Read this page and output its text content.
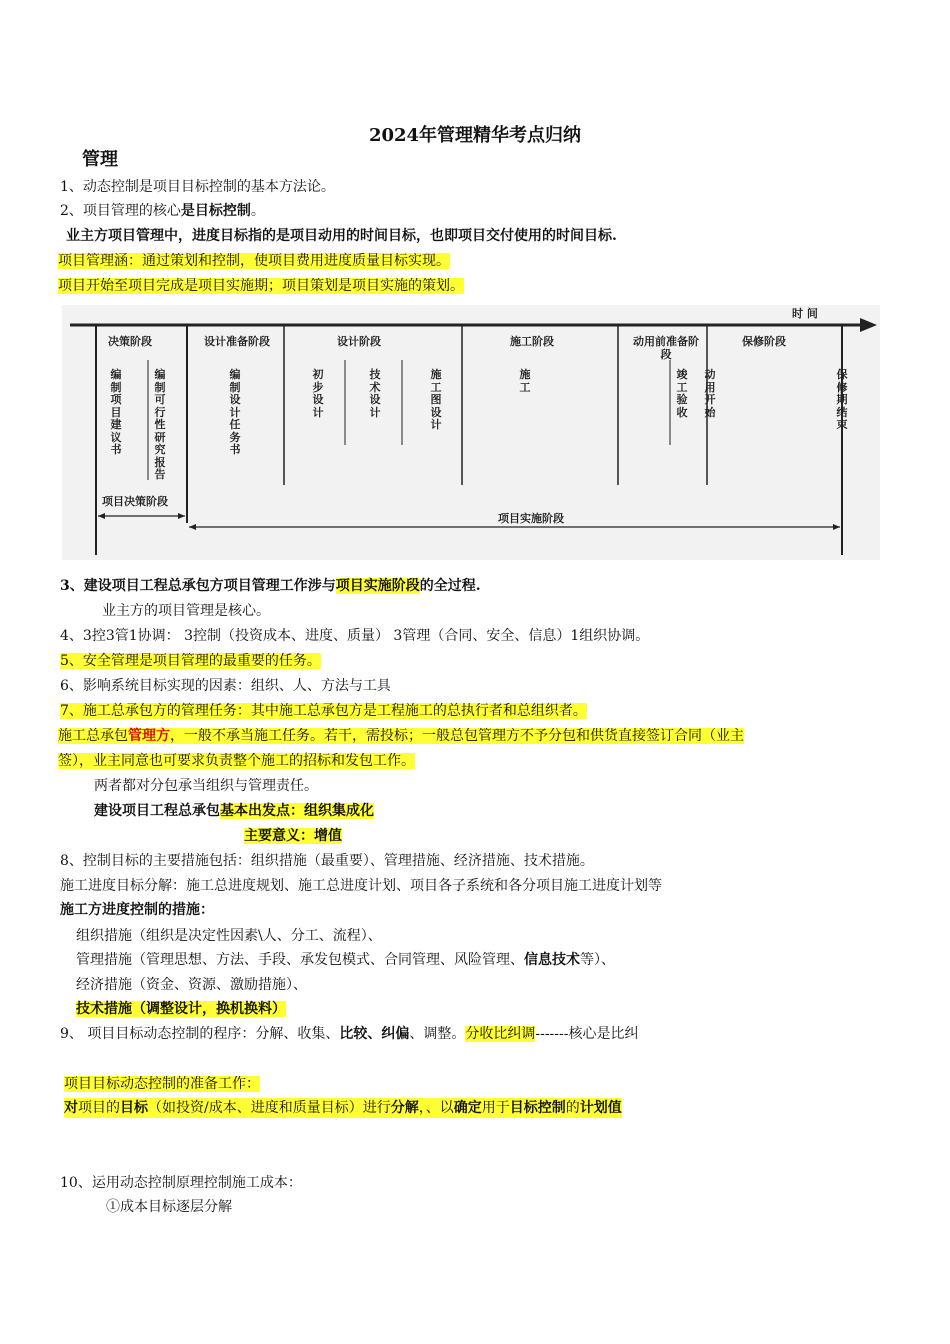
2024年管理精华考点归纳
管理
1、动态控制是项目目标控制的基本方法论。
2、项目管理的核心是目标控制。
业主方项目管理中，进度目标指的是项目动用的时间目标，也即项目交付使用的时间目标.
项目管理涵：通过策划和控制，使项目费用进度质量目标实现。
项目开始至项目完成是项目实施期；项目策划是项目实施的策划。
时 间
决策阶段	设计准备阶段	设计阶段	施工阶段	动用前准备阶段
保修阶段
编制项目建议书
编制可行性研究报告
编制设计任务书
初步设计
技术设计
施工图设计
施工
竣工验收
动用开始
保修期结束
项目决策阶段
项目实施阶段
3、建设项目工程总承包方项目管理工作涉与项目实施阶段的全过程.
业主方的项目管理是核心。
4、3控3管1协调： 3控制（投资成本、进度、质量） 3管理（合同、安全、信息）1组织协调。
5、安全管理是项目管理的最重要的任务。
6、影响系统目标实现的因素：组织、人、方法与工具
7、施工总承包方的管理任务：其中施工总承包方是工程施工的总执行者和总组织者。
施工总承包管理方，一般不承当施工任务。若干，需投标；一般总包管理方不予分包和供货直接签订合同（业主
签），业主同意也可要求负责整个施工的招标和发包工作。
两者都对分包承当组织与管理责任。
建设项目工程总承包基本出发点：组织集成化
主要意义：增值
8、控制目标的主要措施包括：组织措施（最重要）、管理措施、经济措施、技术措施。
施工进度目标分解：施工总进度规划、施工总进度计划、项目各子系统和各分项目施工进度计划等
施工方进度控制的措施：
组织措施（组织是决定性因素\人、分工、流程）、
管理措施（管理思想、方法、手段、承发包模式、合同管理、风险管理、信息技术等）、
经济措施（资金、资源、激励措施）、
技术措施（调整设计，换机换料）
9、 项目目标动态控制的程序：分解、收集、比较、纠偏、调整。分收比纠调-------核心是比纠
项目目标动态控制的准备工作：
对项目的目标（如投资/成本、进度和质量目标）进行分解，、以确定用于目标控制的计划值
10、运用动态控制原理控制施工成本：
①成本目标逐层分解
